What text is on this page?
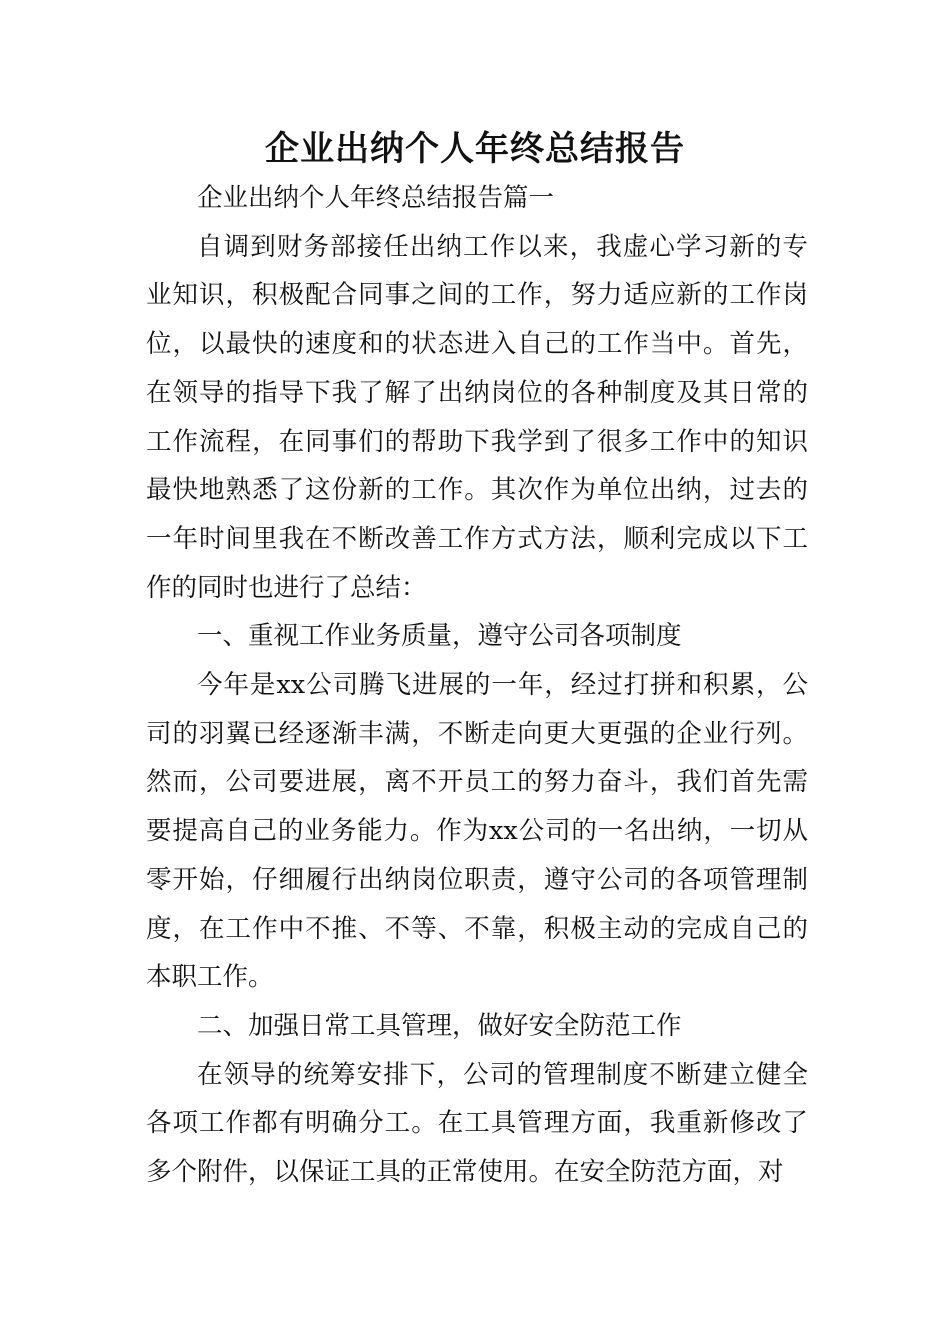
企业出纳个人年终总结报告

企业出纳个人年终总结报告篇一

自调到财务部接任出纳工作以来，我虚心学习新的专业知识，积极配合同事之间的工作，努力适应新的工作岗位，以最快的速度和的状态进入自己的工作当中。首先，在领导的指导下我了解了出纳岗位的各种制度及其日常的工作流程，在同事们的帮助下我学到了很多工作中的知识最快地熟悉了这份新的工作。其次作为单位出纳，过去的一年时间里我在不断改善工作方式方法，顺利完成以下工作的同时也进行了总结：

一、重视工作业务质量，遵守公司各项制度

今年是xx公司腾飞进展的一年，经过打拼和积累，公司的羽翼已经逐渐丰满，不断走向更大更强的企业行列。然而，公司要进展，离不开员工的努力奋斗，我们首先需要提高自己的业务能力。作为xx公司的一名出纳，一切从零开始，仔细履行出纳岗位职责，遵守公司的各项管理制度，在工作中不推、不等、不靠，积极主动的完成自己的本职工作。

二、加强日常工具管理，做好安全防范工作

在领导的统筹安排下，公司的管理制度不断建立健全各项工作都有明确分工。在工具管理方面，我重新修改了多个附件，以保证工具的正常使用。在安全防范方面，对
